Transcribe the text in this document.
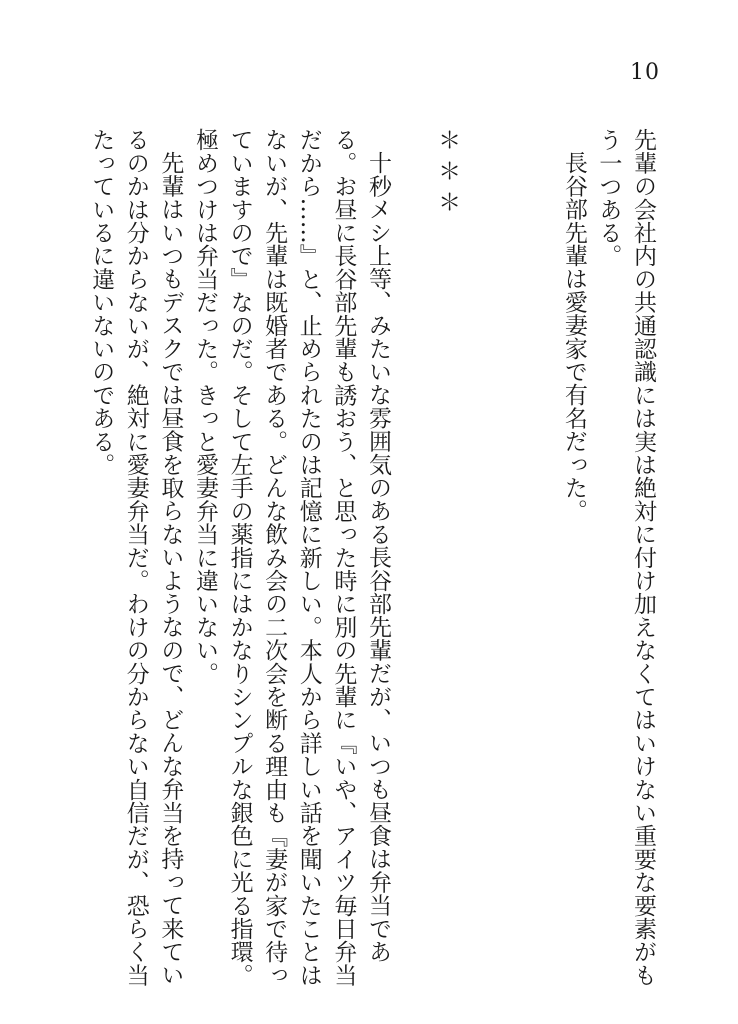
10

先輩の会社内の共通認識には実は絶対に付け加えなくてはいけない重要な要素がもう一つある。

長谷部先輩は愛妻家で有名だった。

＊＊＊

十秒メシ上等、みたいな雰囲気のある長谷部先輩だが、いつも昼食は弁当である。お昼に長谷部先輩も誘おう、と思った時に別の先輩に『いや、アイツ毎日弁当だから……』と、止められたのは記憶に新しい。本人から詳しい話を聞いたことはないが、先輩は既婚者である。どんな飲み会の二次会を断る理由も『妻が家で待っていますので』なのだ。そして左手の薬指にはかなりシンプルな銀色に光る指環。極めつけは弁当だった。きっと愛妻弁当に違いない。

先輩はいつもデスクでは昼食を取らないようなので、どんな弁当を持って来ているのかは分からないが、絶対に愛妻弁当だ。わけの分からない自信だが、恐らく当たっているに違いないのである。
